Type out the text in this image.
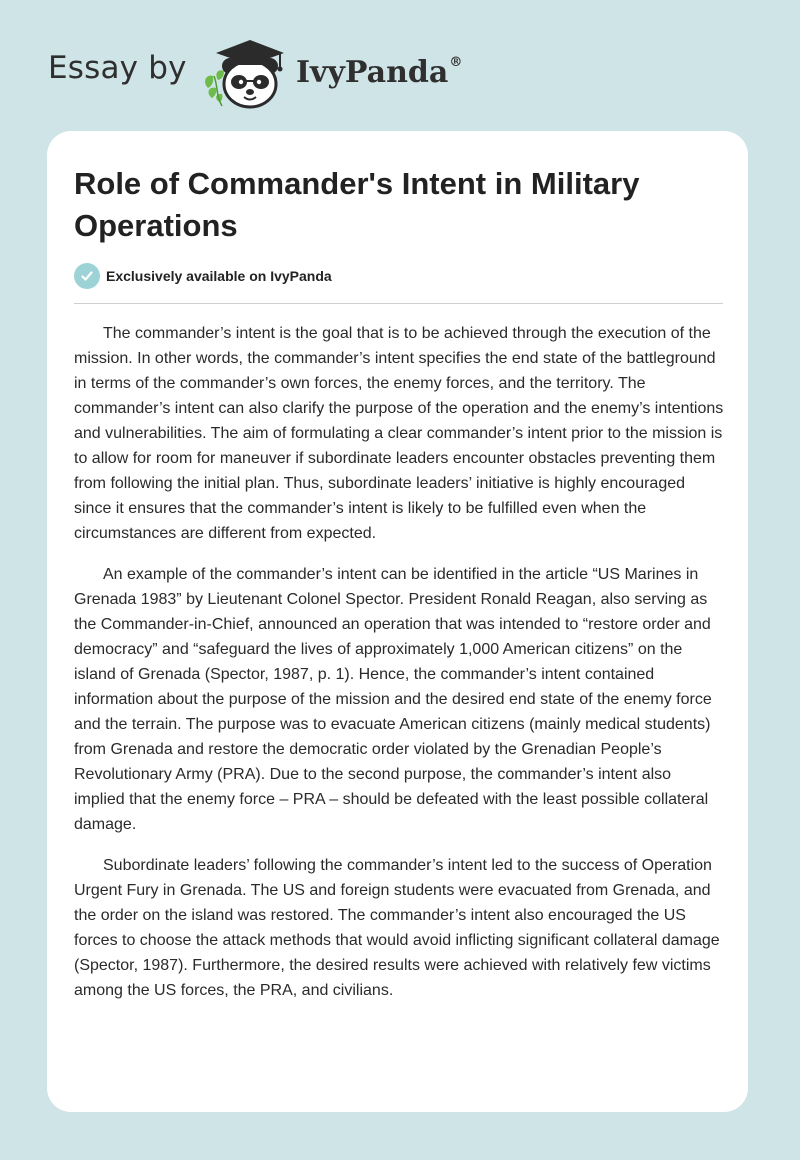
Essay by	IvyPanda®
Role of Commander's Intent in Military Operations
Exclusively available on IvyPanda

The commander’s intent is the goal that is to be achieved through the execution of the mission. In other words, the commander’s intent specifies the end state of the battleground in terms of the commander’s own forces, the enemy forces, and the territory. The commander’s intent can also clarify the purpose of the operation and the enemy’s intentions and vulnerabilities. The aim of formulating a clear commander’s intent prior to the mission is to allow for room for maneuver if subordinate leaders encounter obstacles preventing them from following the initial plan. Thus, subordinate leaders’ initiative is highly encouraged since it ensures that the commander’s intent is likely to be fulfilled even when the circumstances are different from expected.

An example of the commander’s intent can be identified in the article “US Marines in Grenada 1983” by Lieutenant Colonel Spector. President Ronald Reagan, also serving as the Commander-in-Chief, announced an operation that was intended to “restore order and democracy” and “safeguard the lives of approximately 1,000 American citizens” on the island of Grenada (Spector, 1987, p. 1). Hence, the commander’s intent contained information about the purpose of the mission and the desired end state of the enemy force and the terrain. The purpose was to evacuate American citizens (mainly medical students) from Grenada and restore the democratic order violated by the Grenadian People’s Revolutionary Army (PRA). Due to the second purpose, the commander’s intent also implied that the enemy force – PRA – should be defeated with the least possible collateral damage.

Subordinate leaders’ following the commander’s intent led to the success of Operation Urgent Fury in Grenada. The US and foreign students were evacuated from Grenada, and the order on the island was restored. The commander’s intent also encouraged the US forces to choose the attack methods that would avoid inflicting significant collateral damage (Spector, 1987). Furthermore, the desired results were achieved with relatively few victims among the US forces, the PRA, and civilians.
